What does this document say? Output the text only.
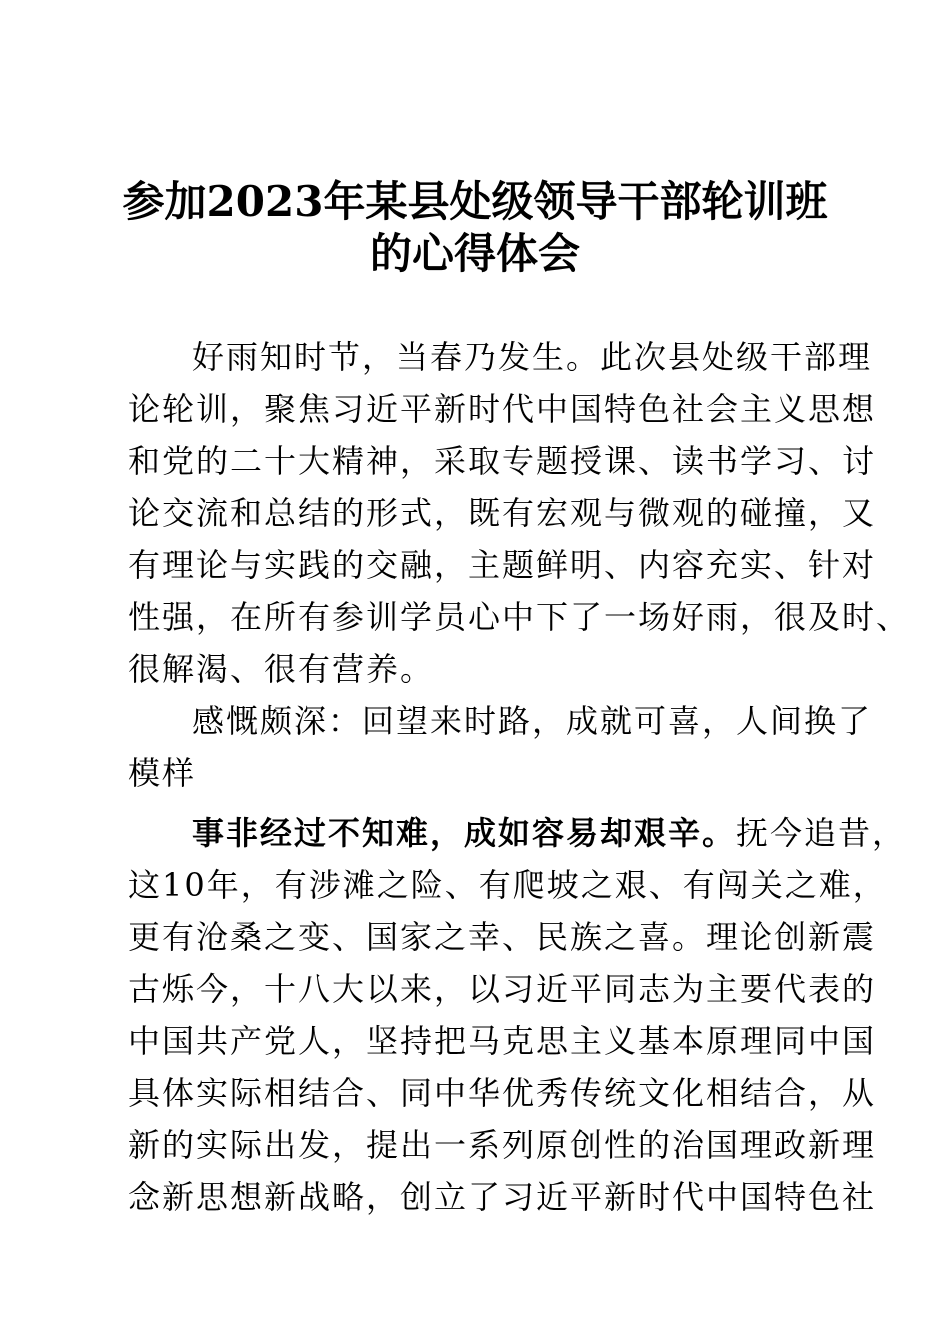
参加2023年某县处级领导干部轮训班
的心得体会
好雨知时节，当春乃发生。此次县处级干部理
论轮训，聚焦习近平新时代中国特色社会主义思想
和党的二十大精神，采取专题授课、读书学习、讨
论交流和总结的形式，既有宏观与微观的碰撞，又
有理论与实践的交融，主题鲜明、内容充实、针对
性强，在所有参训学员心中下了一场好雨，很及时、
很解渴、很有营养。
感慨颇深：回望来时路，成就可喜，人间换了
模样
事非经过不知难，成如容易却艰辛。抚今追昔，
这10年，有涉滩之险、有爬坡之艰、有闯关之难，
更有沧桑之变、国家之幸、民族之喜。理论创新震
古烁今，十八大以来，以习近平同志为主要代表的
中国共产党人，坚持把马克思主义基本原理同中国
具体实际相结合、同中华优秀传统文化相结合，从
新的实际出发，提出一系列原创性的治国理政新理
念新思想新战略，创立了习近平新时代中国特色社
